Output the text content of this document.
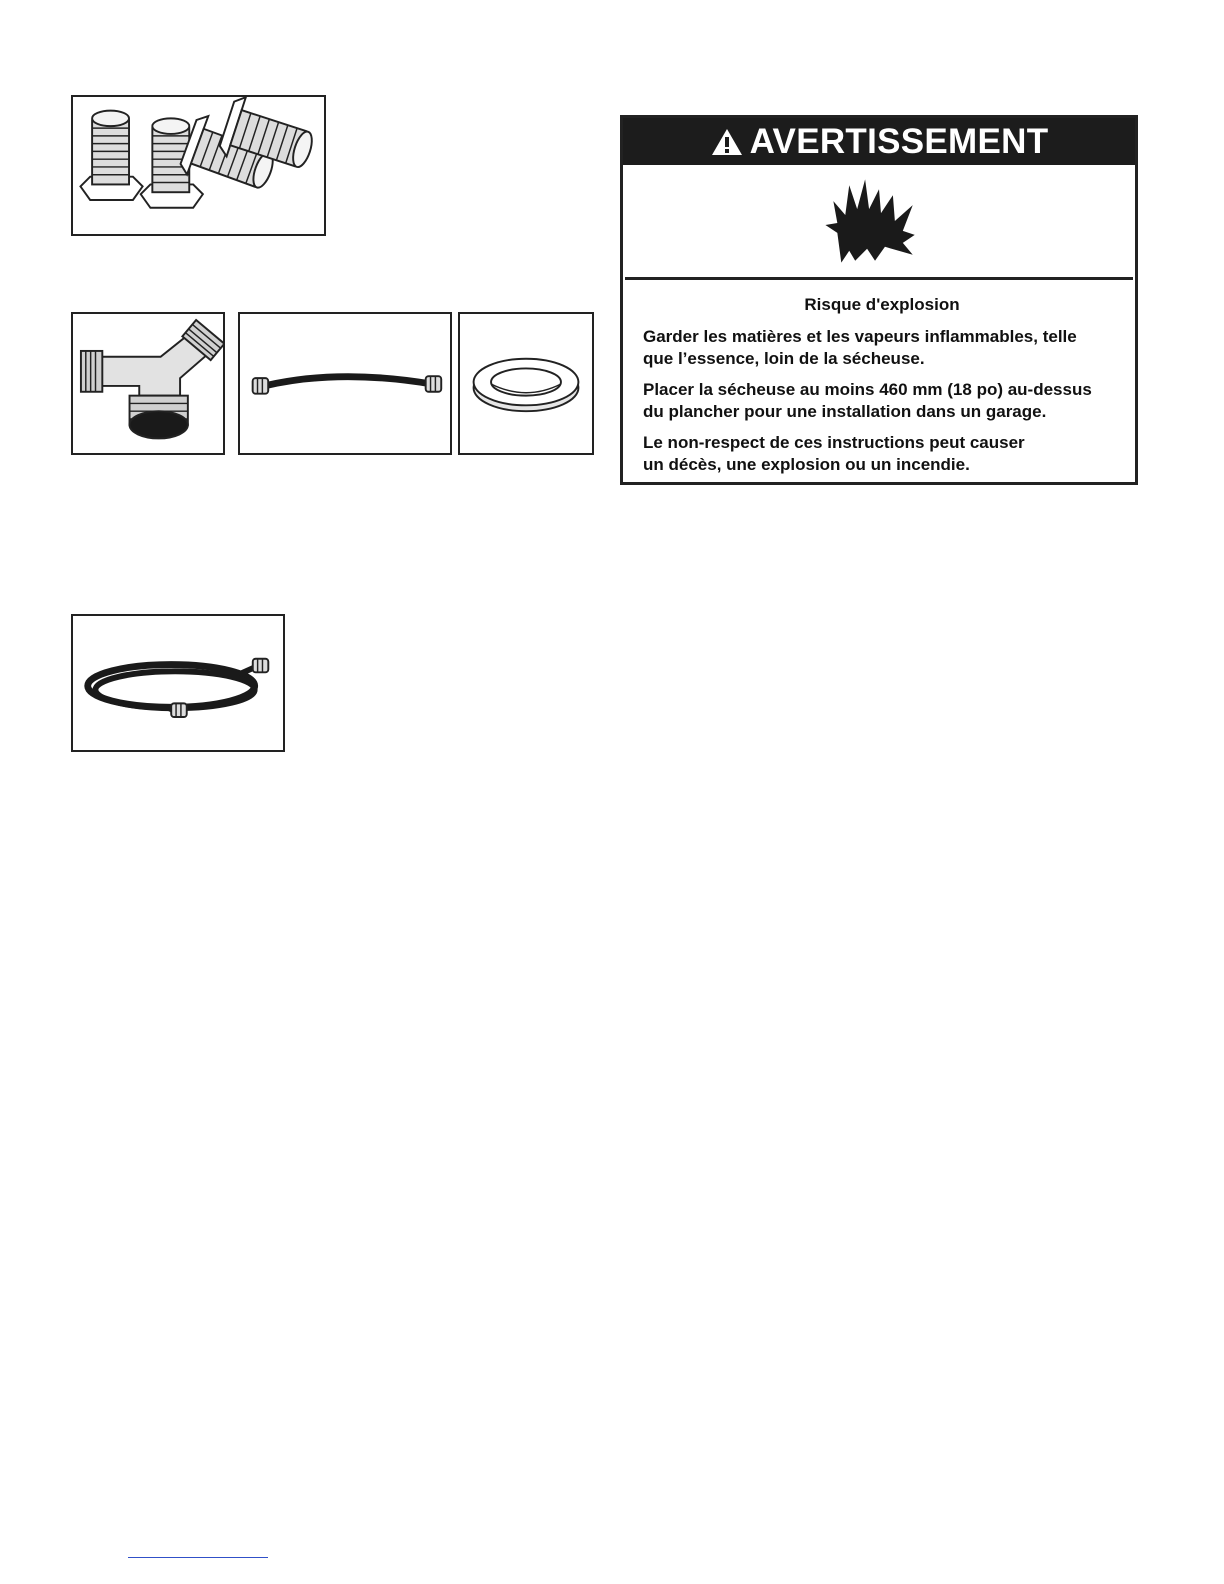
AVERTISSEMENT
Risque d'explosion

Garder les matières et les vapeurs inflammables, telle
que l’essence, loin de la sécheuse.

Placer la sécheuse au moins 460 mm (18 po) au-dessus
du plancher pour une installation dans un garage.

Le non-respect de ces instructions peut causer
un décès, une explosion ou un incendie.
